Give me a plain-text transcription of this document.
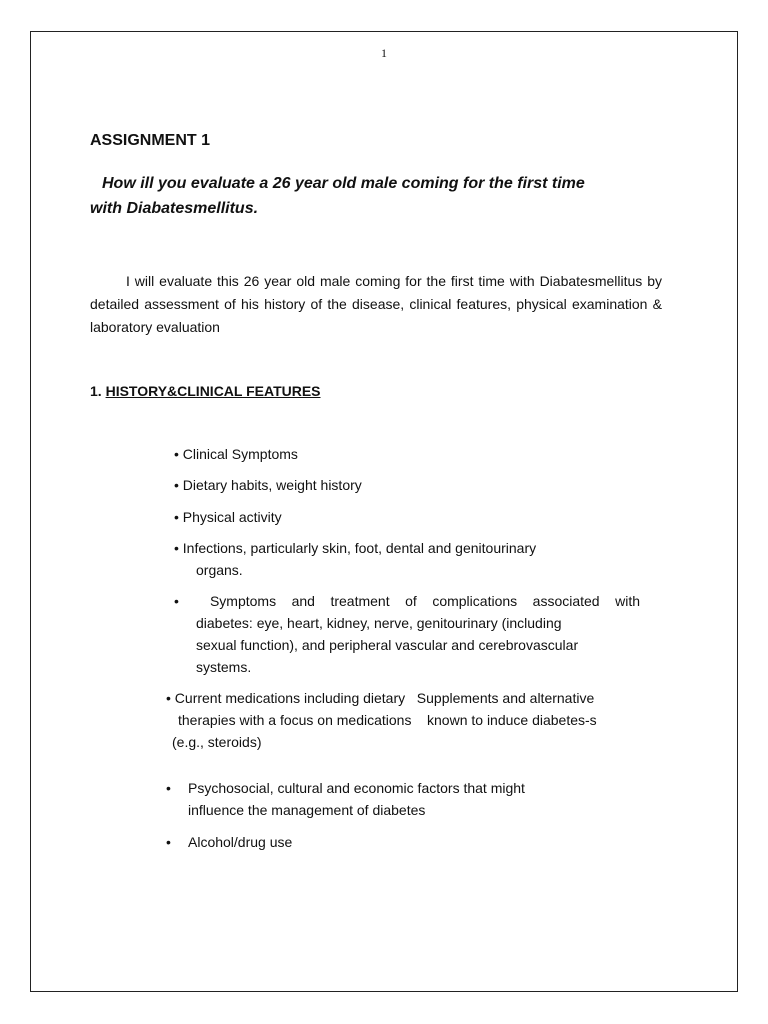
1
ASSIGNMENT 1
How ill you evaluate a 26 year old male coming for the first time
with Diabatesmellitus.
I will evaluate this 26 year old male coming for the first time with Diabatesmellitus by detailed assessment of his history of the disease, clinical features, physical examination & laboratory evaluation
1. HISTORY&CLINICAL FEATURES
• Clinical Symptoms
• Dietary habits, weight history
• Physical activity
• Infections, particularly skin, foot, dental and genitourinary
organs.
• Symptoms and treatment of complications associated with
diabetes: eye, heart, kidney, nerve, genitourinary (including
sexual function), and peripheral vascular and cerebrovascular
systems.
• Current medications including dietary   Supplements and alternative
therapies with a focus on medications    known to induce diabetes-s
(e.g., steroids)
• Psychosocial, cultural and economic factors that might
influence the management of diabetes
• Alcohol/drug use
